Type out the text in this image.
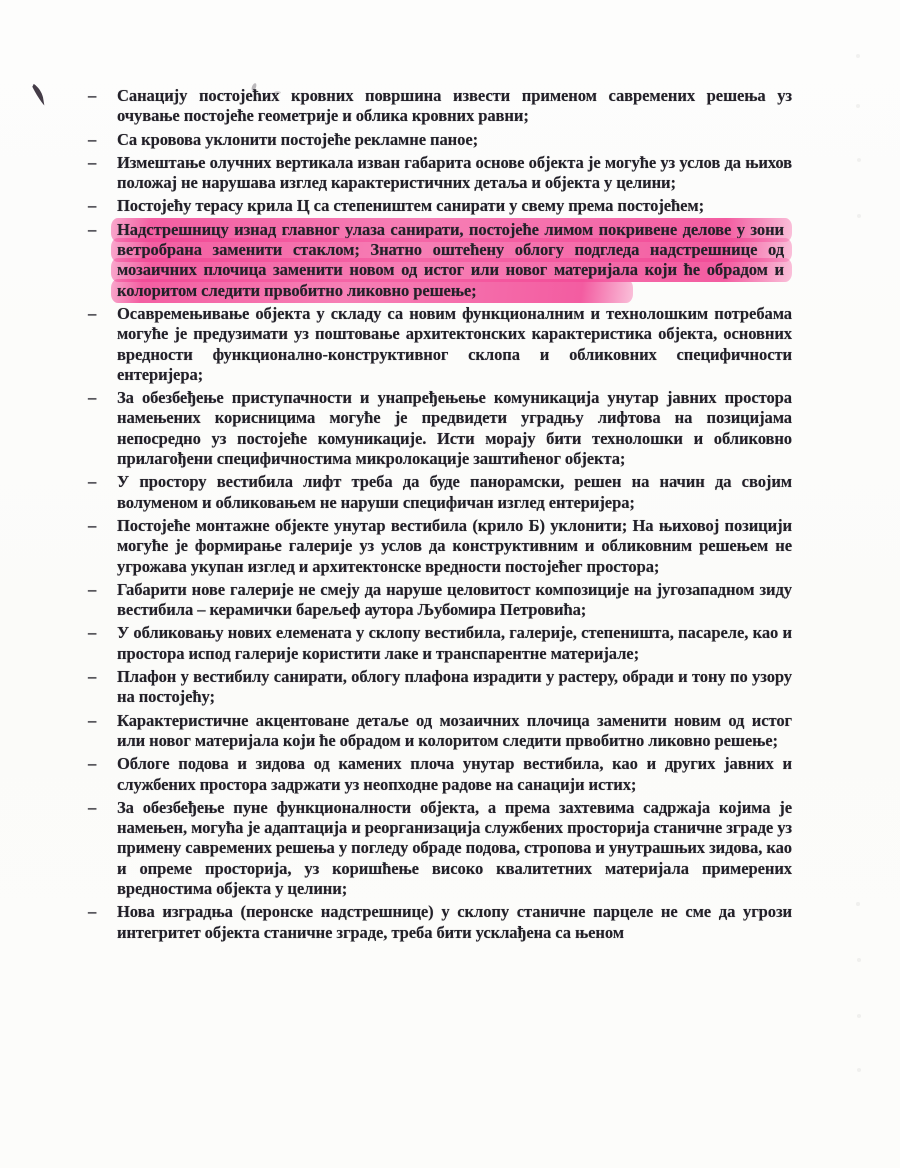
–	Санацију постојећих кровних површина извести применом савремених решења уз очување постојеће геометрије и облика кровних равни;
–	Са кровова уклонити постојеће рекламне паное;
–	Измештање олучних вертикала изван габарита основе објекта је могуће уз услов да њихов положај не нарушава изглед карактеристичних детаља и објекта у целини;
–	Постојећу терасу крила Ц са степеништем санирати у свему према постојећем;
–	Надстрешницу изнад главног улаза санирати, постојеће лимом покривене делове у зони ветробрана заменити стаклом; Знатно оштећену облогу подгледа надстрешнице од мозаичних плочица заменити новом од истог или новог материјала који ће обрадом и колоритом следити првобитно ликовно решење;
–	Осавремењивање објекта у складу са новим функционалним и технолошким потребама могуће је предузимати уз поштовање архитектонских карактеристика објекта, основних вредности функционално-конструктивног склопа и обликовних специфичности ентеријера;
–	За обезбеђење приступачности и унапређењење комуникација унутар јавних простора намењених корисницима могуће је предвидети уградњу лифтова на позицијама непосредно уз постојеће комуникације. Исти морају бити технолошки и обликовно прилагођени специфичностима микролокације заштићеног објекта;
–	У простору вестибила лифт треба да буде панорамски, решен на начин да својим волуменом и обликовањем не наруши специфичан изглед ентеријера;
–	Постојеће монтажне објекте унутар вестибила (крило Б) уклонити; На њиховој позицији могуће је формирање галерије уз услов да конструктивним и обликовним решењем не угрожава укупан изглед и архитектонске вредности постојећег простора;
–	Габарити нове галерије не смеју да наруше целовитост композиције на југозападном зиду вестибила – керамички барељеф аутора Љубомира Петровића;
–	У обликовању нових елемената у склопу вестибила, галерије, степеништа, пасареле, као и простора испод галерије користити лаке и транспарентне материјале;
–	Плафон у вестибилу санирати, облогу плафона израдити у растеру, обради и тону по узору на постојећу;
–	Карактеристичне акцентоване детаље од мозаичних плочица заменити новим од истог или новог материјала који ће обрадом и колоритом следити првобитно ликовно решење;
–	Облоге подова и зидова од камених плоча унутар вестибила, као и других јавних и службених простора задржати уз неопходне радове на санацији истих;
–	За обезбеђење пуне функционалности објекта, а према захтевима садржаја којима је намењен, могућа је адаптација и реорганизација службених просторија станичне зграде уз примену савремених решења у погледу обраде подова, стропова и унутрашњих зидова, као и опреме просторија, уз коришћење високо квалитетних материјала примерених вредностима објекта у целини;
–	Нова изградња (перонске надстрешнице) у склопу станичне парцеле не сме да угрози интегритет објекта станичне зграде, треба бити усклађена са њеном
